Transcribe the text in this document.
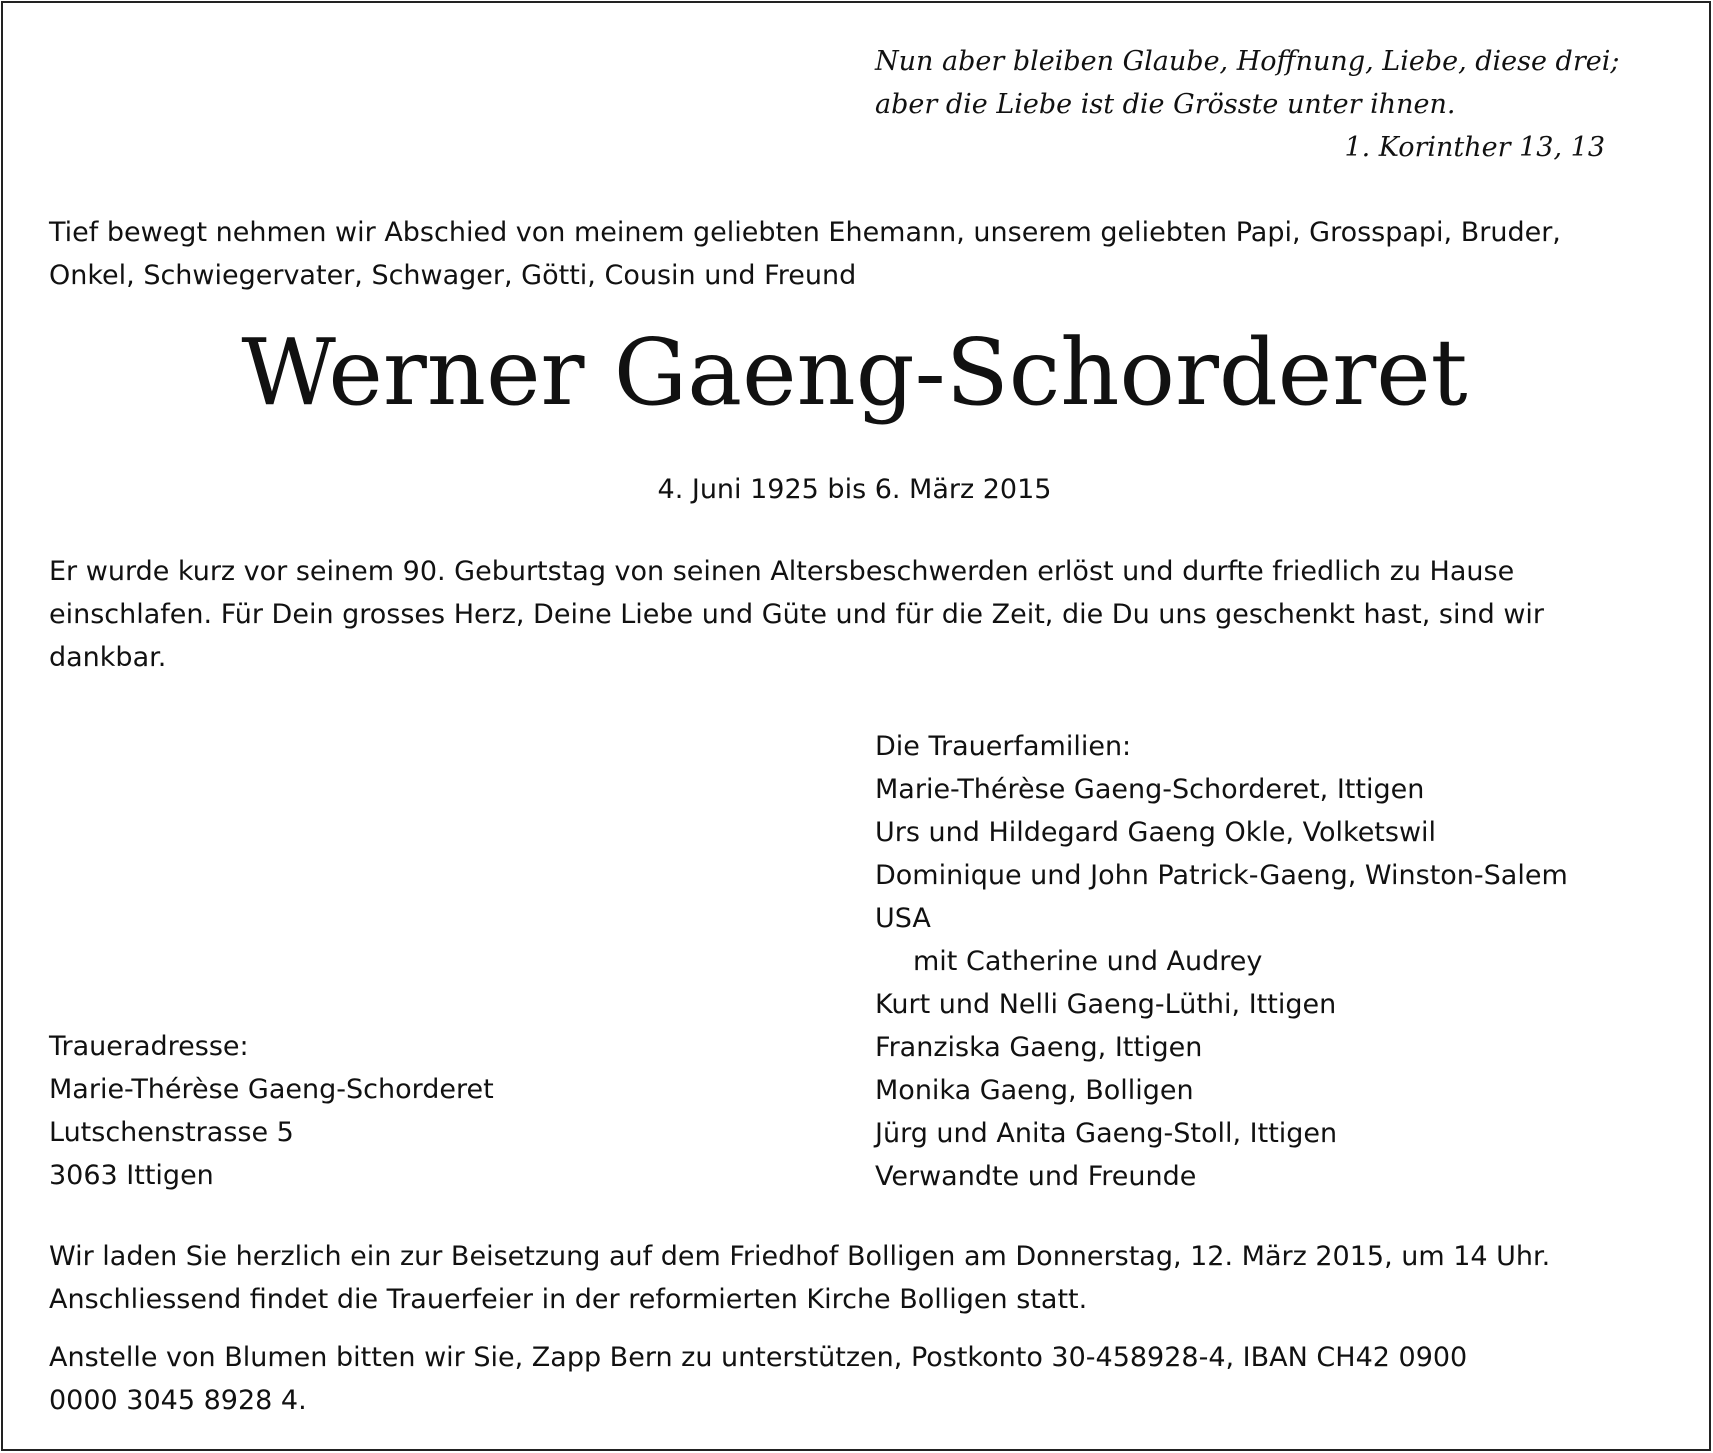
Nun aber bleiben Glaube, Hoffnung, Liebe, diese drei;
aber die Liebe ist die Grösste unter ihnen.
1. Korinther 13, 13
Tief bewegt nehmen wir Abschied von meinem geliebten Ehemann, unserem geliebten Papi, Grosspapi, Bruder,
Onkel, Schwiegervater, Schwager, Götti, Cousin und Freund
Werner Gaeng-Schorderet
4. Juni 1925 bis 6. März 2015
Er wurde kurz vor seinem 90. Geburtstag von seinen Altersbeschwerden erlöst und durfte friedlich zu Hause
einschlafen. Für Dein grosses Herz, Deine Liebe und Güte und für die Zeit, die Du uns geschenkt hast, sind wir
dankbar.
Die Trauerfamilien:
Marie-Thérèse Gaeng-Schorderet, Ittigen
Urs und Hildegard Gaeng Okle, Volketswil
Dominique und John Patrick-Gaeng, Winston-Salem
USA
mit Catherine und Audrey
Kurt und Nelli Gaeng-Lüthi, Ittigen
Franziska Gaeng, Ittigen
Monika Gaeng, Bolligen
Jürg und Anita Gaeng-Stoll, Ittigen
Verwandte und Freunde
Traueradresse:
Marie-Thérèse Gaeng-Schorderet
Lutschenstrasse 5
3063 Ittigen
Wir laden Sie herzlich ein zur Beisetzung auf dem Friedhof Bolligen am Donnerstag, 12. März 2015, um 14 Uhr.
Anschliessend findet die Trauerfeier in der reformierten Kirche Bolligen statt.
Anstelle von Blumen bitten wir Sie, Zapp Bern zu unterstützen, Postkonto 30-458928-4, IBAN CH42 0900
0000 3045 8928 4.
